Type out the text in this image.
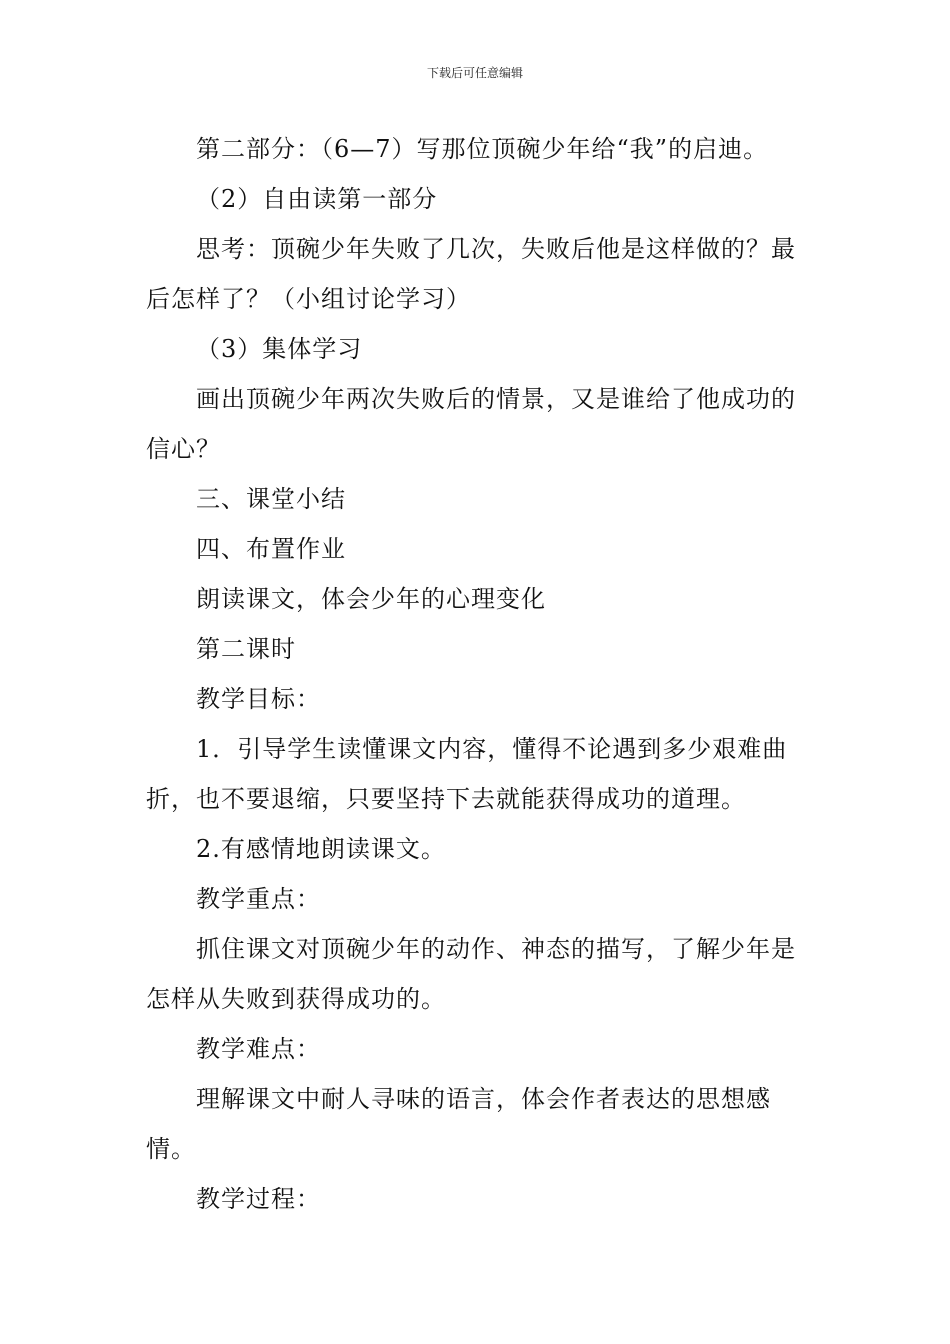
下载后可任意编辑

第二部分：（6—7）写那位顶碗少年给“我”的启迪。

（2）自由读第一部分

思考：顶碗少年失败了几次，失败后他是这样做的？最后怎样了？（小组讨论学习）

（3）集体学习

画出顶碗少年两次失败后的情景，又是谁给了他成功的信心？

三、课堂小结

四、布置作业

朗读课文，体会少年的心理变化

第二课时

教学目标：

1．引导学生读懂课文内容，懂得不论遇到多少艰难曲折，也不要退缩，只要坚持下去就能获得成功的道理。

2.有感情地朗读课文。

教学重点：

抓住课文对顶碗少年的动作、神态的描写，了解少年是怎样从失败到获得成功的。

教学难点：

理解课文中耐人寻味的语言，体会作者表达的思想感情。

教学过程：
